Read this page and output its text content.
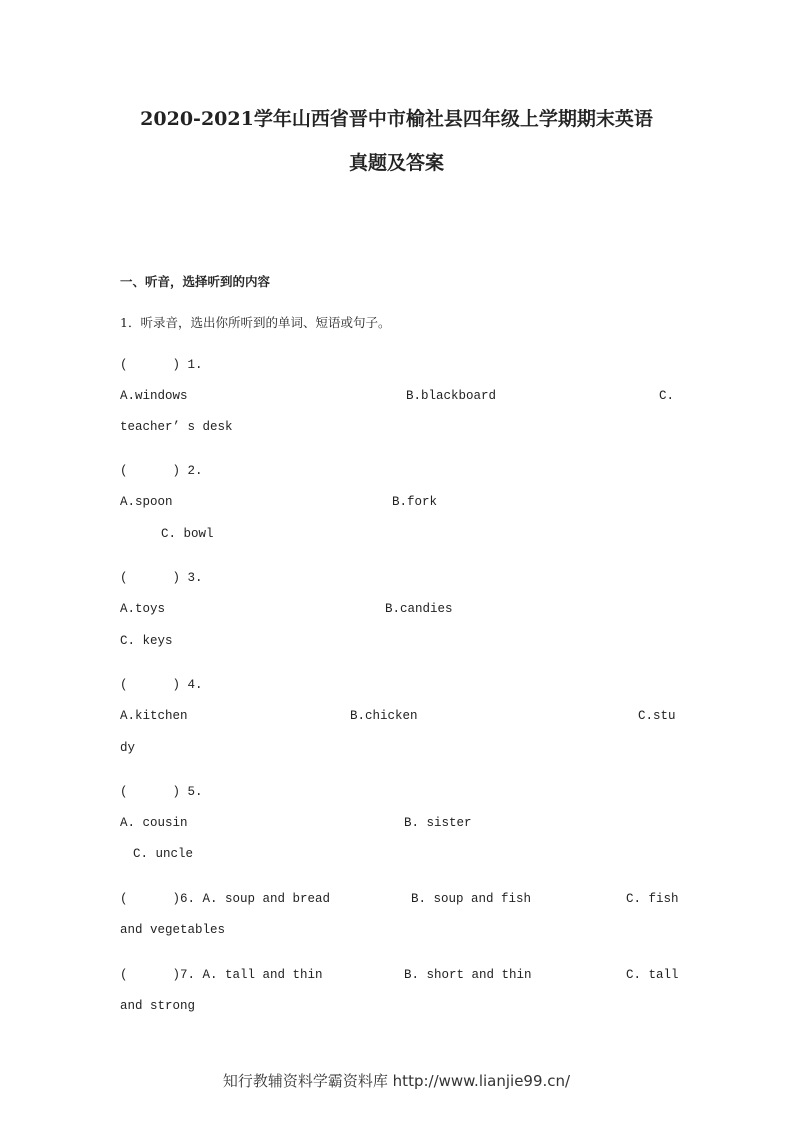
2020-2021学年山西省晋中市榆社县四年级上学期期末英语
真题及答案
一、听音，选择听到的内容
1．听录音，选出你所听到的单词、短语或句子。
(      ) 1.
A.windows	B.blackboard	C.
teacher’ s desk
(      ) 2.
A.spoon	B.fork
C. bowl
(      ) 3.
A.toys	B.candies
C. keys
(      ) 4.
A.kitchen	B.chicken	C.stu
dy
(      ) 5.
A. cousin	B. sister
C. uncle
(      )6. A. soup and bread	B. soup and fish	C. fish
and vegetables
(      )7. A. tall and thin	B. short and thin	C. tall
and strong
知行教辅资料学霸资料库 http://www.lianjie99.cn/
